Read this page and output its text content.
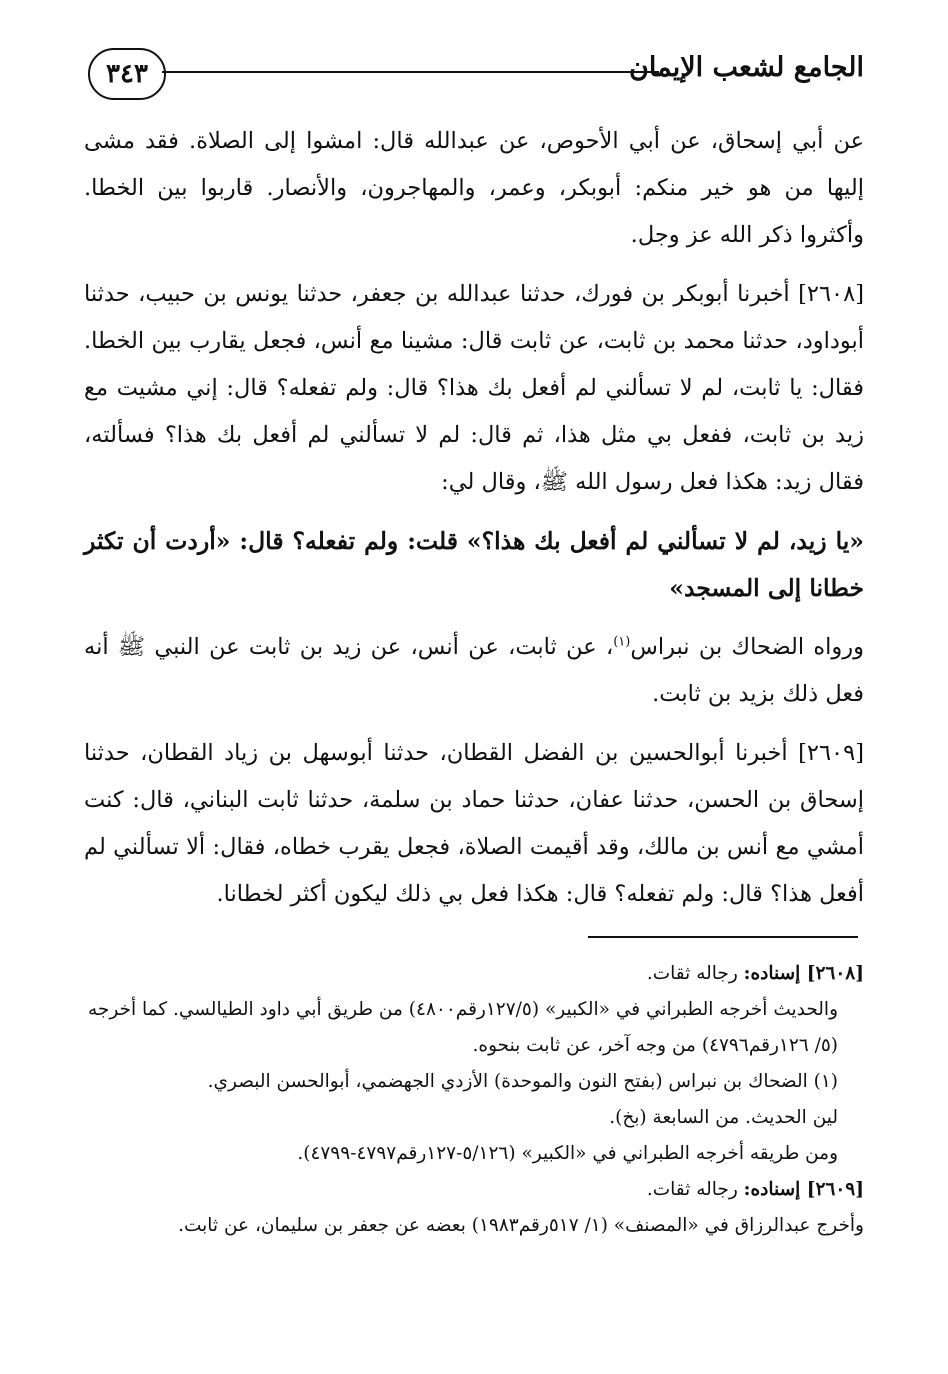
٣٤٣	الجامع لشعب الإيمان

عن أبي إسحاق، عن أبي الأحوص، عن عبدالله قال: امشوا إلى الصلاة. فقد مشى إليها من هو خير منكم: أبوبكر، وعمر، والمهاجرون، والأنصار. قاربوا بين الخطا. وأكثروا ذكر الله عز وجل.

[٢٦٠٨] أخبرنا أبوبكر بن فورك، حدثنا عبدالله بن جعفر، حدثنا يونس بن حبيب، حدثنا أبوداود، حدثنا محمد بن ثابت، عن ثابت قال: مشينا مع أنس، فجعل يقارب بين الخطا. فقال: يا ثابت، لم لا تسألني لم أفعل بك هذا؟ قال: ولم تفعله؟ قال: إني مشيت مع زيد بن ثابت، ففعل بي مثل هذا، ثم قال: لم لا تسألني لم أفعل بك هذا؟ فسألته، فقال زيد: هكذا فعل رسول الله ﷺ، وقال لي:

«يا زيد، لم لا تسألني لم أفعل بك هذا؟» قلت: ولم تفعله؟ قال: «أردت أن تكثر خطانا إلى المسجد»

ورواه الضحاك بن نبراس$^{(١)}$، عن ثابت، عن أنس، عن زيد بن ثابت عن النبي ﷺ أنه فعل ذلك بزيد بن ثابت.

[٢٦٠٩] أخبرنا أبوالحسين بن الفضل القطان، حدثنا أبوسهل بن زياد القطان، حدثنا إسحاق بن الحسن، حدثنا عفان، حدثنا حماد بن سلمة، حدثنا ثابت البناني، قال: كنت أمشي مع أنس بن مالك، وقد أقيمت الصلاة، فجعل يقرب خطاه، فقال: ألا تسألني لم أفعل هذا؟ قال: ولم تفعله؟ قال: هكذا فعل بي ذلك ليكون أكثر لخطانا.

[٢٦٠٨] إسناده: رجاله ثقات.

والحديث أخرجه الطبراني في «الكبير» (١٢٧/٥رقم٤٨٠٠) من طريق أبي داود الطيالسي. كما أخرجه (٥/ ١٢٦رقم٤٧٩٦) من وجه آخر، عن ثابت بنحوه.

(١) الضحاك بن نبراس (بفتح النون والموحدة) الأزدي الجهضمي، أبوالحسن البصري.

لين الحديث. من السابعة (بخ).

ومن طريقه أخرجه الطبراني في «الكبير» (٥/١٢٦-١٢٧رقم٤٧٩٧-٤٧٩٩).

[٢٦٠٩] إسناده: رجاله ثقات.

وأخرج عبدالرزاق في «المصنف» (١/ ٥١٧رقم١٩٨٣) بعضه عن جعفر بن سليمان، عن ثابت.
